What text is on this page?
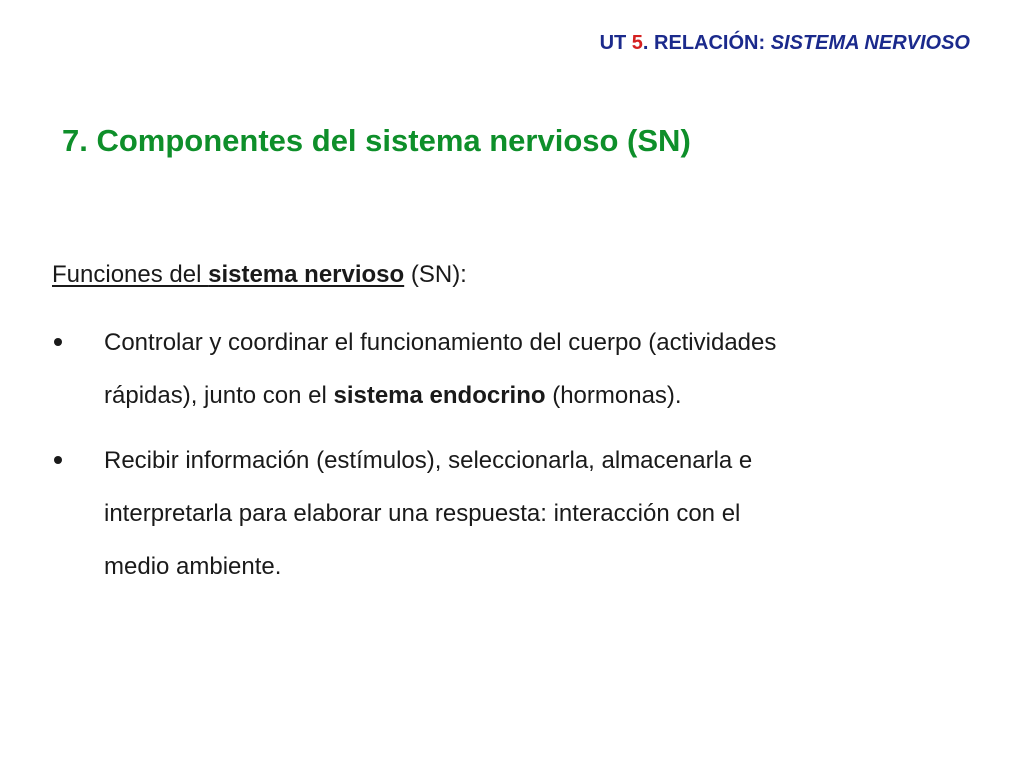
UT 5. RELACIÓN: SISTEMA NERVIOSO
7. Componentes del sistema nervioso (SN)
Funciones del sistema nervioso (SN):
Controlar y coordinar el funcionamiento del cuerpo (actividades
rápidas), junto con el sistema endocrino (hormonas).
Recibir información (estímulos), seleccionarla, almacenarla e
interpretarla para elaborar una respuesta: interacción con el
medio ambiente.
